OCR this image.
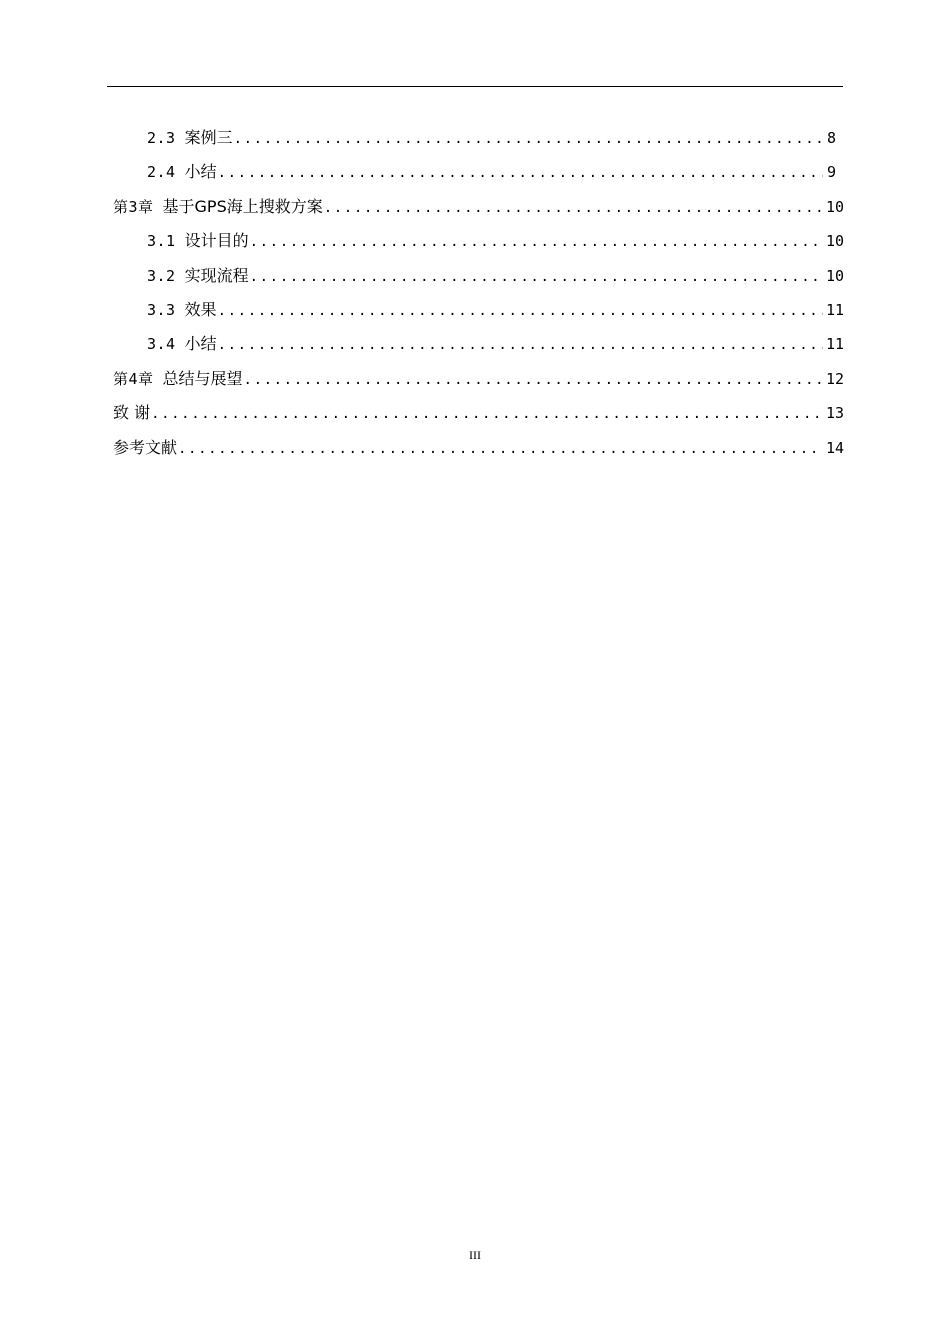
2.3 案例三 .....	8
2.4 小结 .....	9
第3章 基于GPS海上搜救方案 .....	10
3.1 设计目的 .....	10
3.2 实现流程 .....	10
3.3 效果 .....	11
3.4 小结 .....	11
第4章 总结与展望 .....	12
致 谢 .....	13
参考文献 .....	14
III
